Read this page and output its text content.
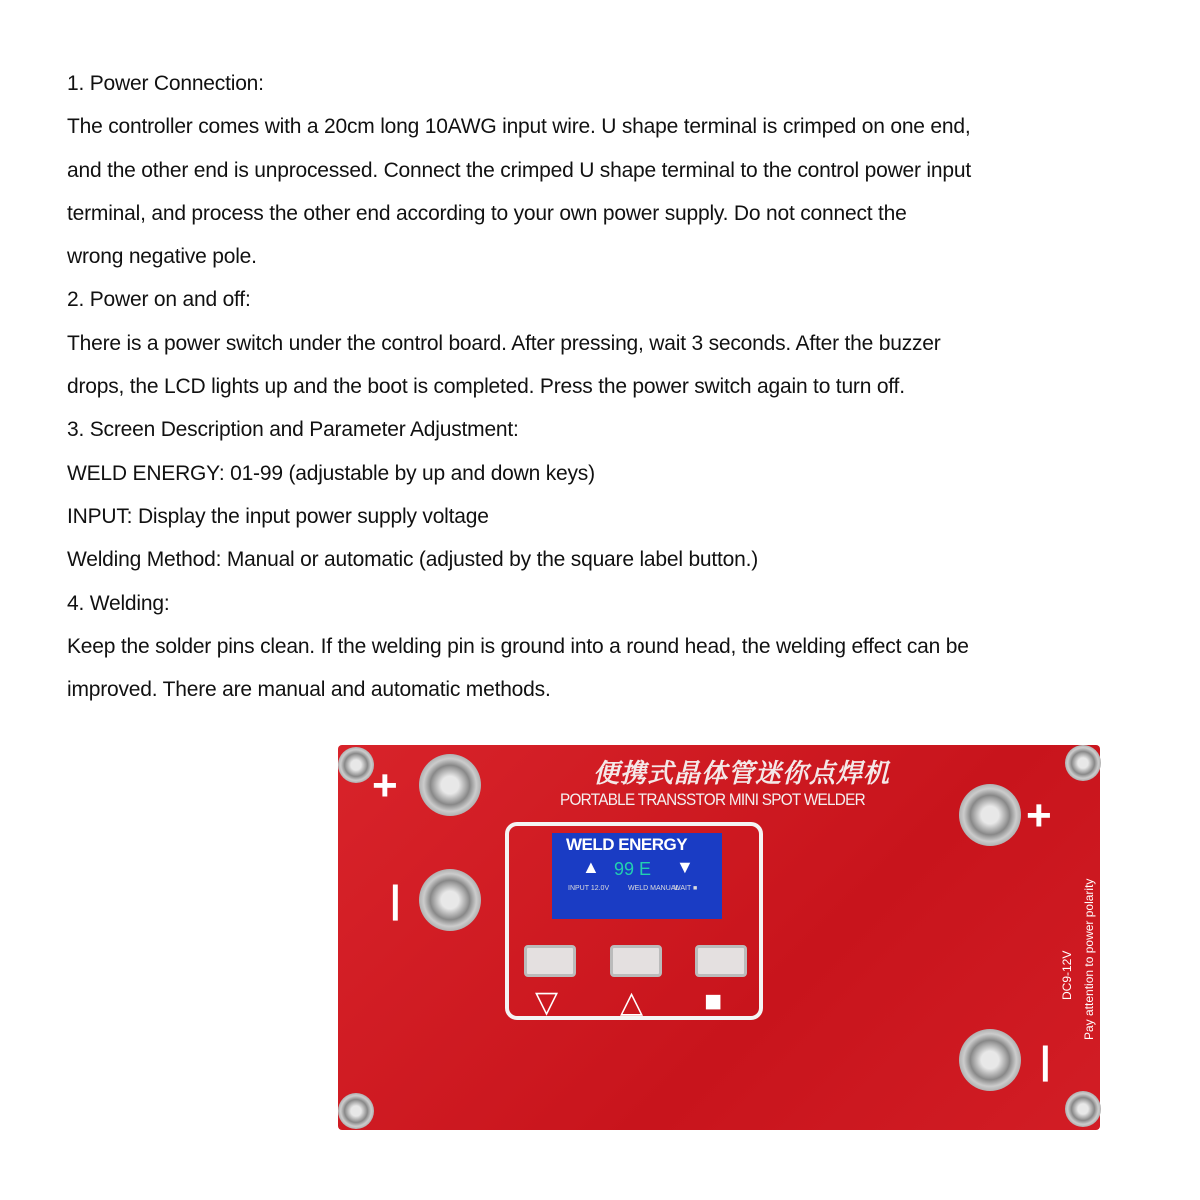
1. Power Connection:
The controller comes with a 20cm long 10AWG input wire. U shape terminal is crimped on one end,
and the other end is unprocessed. Connect the crimped U shape terminal to the control power input
terminal, and process the other end according to your own power supply. Do not connect the
wrong negative pole.
2. Power on and off:
There is a power switch under the control board. After pressing, wait 3 seconds. After the buzzer
drops, the LCD lights up and the boot is completed. Press the power switch again to turn off.
3. Screen Description and Parameter Adjustment:
WELD ENERGY: 01-99 (adjustable by up and down keys)
INPUT: Display the input power supply voltage
Welding Method: Manual or automatic (adjusted by the square label button.)
4. Welding:
Keep the solder pins clean. If the welding pin is ground into a round head, the welding effect can be
improved. There are manual and automatic methods.
便携式晶体管迷你点焊机
PORTABLE TRANSSTOR MINI SPOT WELDER
+
|
+
|
WELD ENERGY
▲ 99 E ▼
INPUT 12.0V	WELD MANUAL
WAIT ■
▽ △ ■
DC9-12V Pay attention to power polarity
